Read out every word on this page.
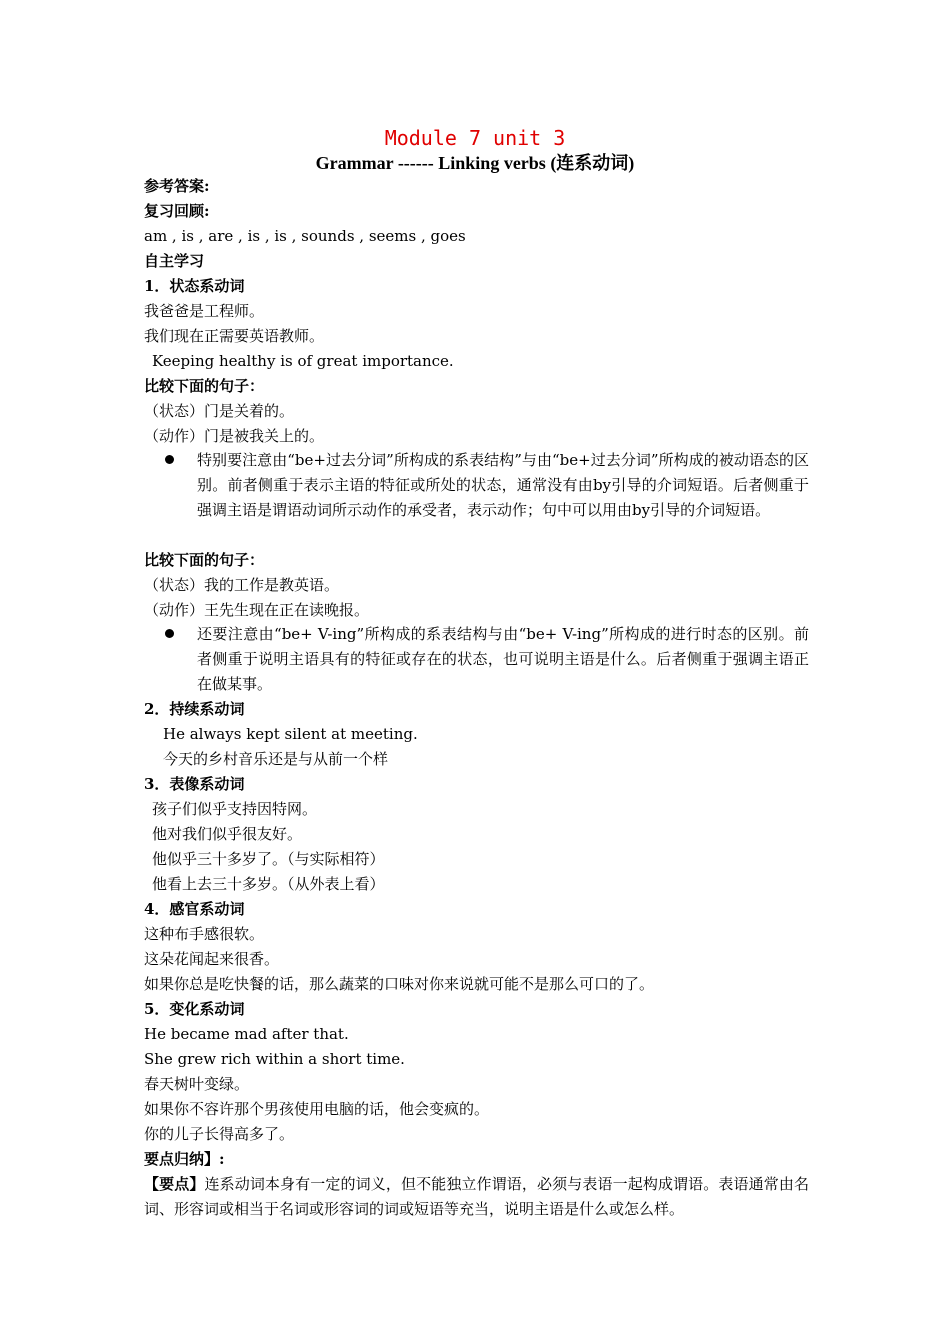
Module 7 unit 3
Grammar ------ Linking verbs (连系动词)
参考答案:
复习回顾:
am , is , are , is , is , sounds , seems , goes
自主学习
1．状态系动词
我爸爸是工程师。
我们现在正需要英语教师。
Keeping healthy is of great importance.
比较下面的句子：
（状态）门是关着的。
（动作）门是被我关上的。
特别要注意由“be+过去分词”所构成的系表结构”与由“be+过去分词”所构成的被动语态的区别。前者侧重于表示主语的特征或所处的状态，通常没有由by引导的介词短语。后者侧重于强调主语是谓语动词所示动作的承受者，表示动作；句中可以用由by引导的介词短语。
比较下面的句子：
（状态）我的工作是教英语。
（动作）王先生现在正在读晚报。
还要注意由“be+ V-ing”所构成的系表结构与由“be+ V-ing”所构成的进行时态的区别。前者侧重于说明主语具有的特征或存在的状态，也可说明主语是什么。后者侧重于强调主语正在做某事。
2．持续系动词
He always kept silent at meeting.
今天的乡村音乐还是与从前一个样
3．表像系动词
孩子们似乎支持因特网。
他对我们似乎很友好。
他似乎三十多岁了。（与实际相符）
他看上去三十多岁。（从外表上看）
4．感官系动词
这种布手感很软。
这朵花闻起来很香。
如果你总是吃快餐的话，那么蔬菜的口味对你来说就可能不是那么可口的了。
5．变化系动词
He became mad after that.
She grew rich within a short time.
春天树叶变绿。
如果你不容许那个男孩使用电脑的话，他会变疯的。
你的儿子长得高多了。
要点归纳】:
【要点】连系动词本身有一定的词义，但不能独立作谓语，必须与表语一起构成谓语。表语通常由名词、形容词或相当于名词或形容词的词或短语等充当，说明主语是什么或怎么样。
